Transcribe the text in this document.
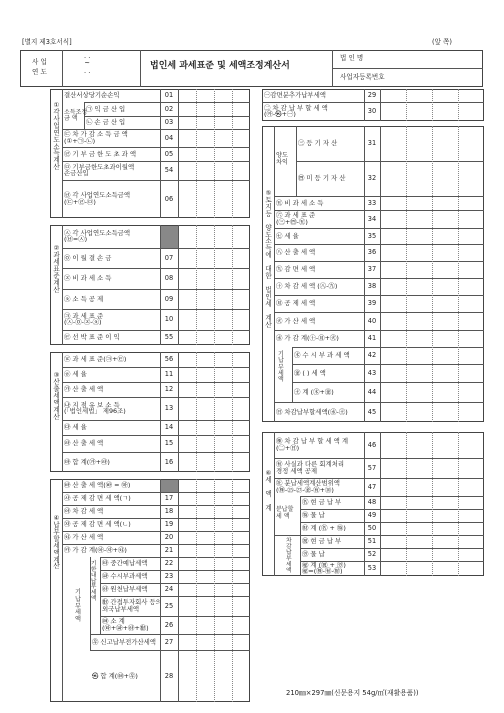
[별지 제3호서식]	(앞 쪽)
사 업
연 도
. .
~
. .	법인세 과세표준 및 세액조정계산서
법 인 명
사업자등록번호
①
각
사
업
연
도
소
득
계
산
②
과
세
표
준
계
산
③
산
출
세
액
계
산
④
납
부
할
세
액
계
산
결산서상당기순손익	01
㉠ 익 금 산 입	02
㉡ 손 금 산 입	03
㉢ 차 가 감 소 득 금 액
(①+㉠-㉡)	04
㉣ 기 부 금 한 도 초 과 액	05
㉤ 기부금한도초과이월액
손금산입	54
㉥ 각 사업연도소득금액
(㉢+㉣-㉤)	06
소득조정
금 액
㉦ 각 사업연도소득금액
(㉥=㉦)
㉧ 이 월 결 손 금	07
㉨ 비 과 세 소 득	08
㉩ 소 득 공 제	09
㉪ 과 세 표 준
(㉦-㉧-㉨-㉩)	10
㉫ 선 박 표 준 이 익	55
㉬ 과 세 표 준(㉪+㉫)	56
㉭ 세 율	11
㉮ 산 출 세 액	12
㉯ 지 점 유 보 소 득
(「법인세법」 제96조)	13
㉰ 세 율	14
㉱ 산 출 세 액	15
㉲ 합 계(㉮+㉱)	16
㉳ 산 출 세 액(㉳ = ㉲)
㉴ 공 제 감 면 세 액(ㄱ)	17
㉵ 차 감 세 액	18
㉶ 공 제 감 면 세 액(ㄴ)	19
㉷ 가 산 세 액	20
㉸ 가 감 계(㉵-㉶+㉷)	21
㉹ 중간예납세액	22
㉺ 수시부과세액	23
㉻ 원천납부세액	24
㉼ 간접투자회사 등의
외국납부세액	25
㉽ 소 계
(㉹+㉺+㉻+㉼)	26
㉾ 신고납부전가산세액	27
㉿ 합 계(㉽+㉾)	28
기
납
부
세
액
기
한
내
납
부
세
액
⑤
토
지
등

양
도
소
득
에

대
한

법
인
세

계
산
⑥
세

액

계
㊀감면분추가납부세액	29
㊁ 차 감 납 부 할 세 액
(㉸-㉿+㊀)	30
㊂ 등 기 자 산	31
㊃ 미 등 기 자 산	32
㊄ 비 과 세 소 득	33
㊅ 과 세 표 준
(㊂+㊃-㊄)	34
㊆ 세 율	35
㊇ 산 출 세 액	36
㊈ 감 면 세 액	37
㊉ 차 감 세 액 (㊇-㊈)	38
㊊ 공 제 세 액	39
㊋ 가 산 세 액	40
㊌ 가 감 계(㊉-㊊+㊋)	41
㊍ 수 시 부 과 세 액	42
㊎ ( ) 세 액	43
㊏ 계 (㊍+㊎)	44
㊐ 차감납부할세액(㊌-㊏)	45
양도
차익
기
납
부
세
액
㊑ 차 감 납 부 할 세 액 계
(㊁+㊐)	46
㊒ 사실과 다른 회계처리
경정 세액 공제	57
㊓ 분납세액계산범위액
(㊑-㉕-㉗-㊎-㊒+㉚)	47
㊔ 현 금 납 부	48
㊕ 물 납	49
㊖ 계 (㊔ + ㊕)	50
㊗ 현 금 납 부	51
㊘ 물 납	52
㊙ 계 (㊗ + ㊘)
㊙=(㊑-㊒-㊖)	53
분납할
세 액
차
감
납
부
세
액
210㎜×297㎜(신문용지 54g/㎡(재활용품))
